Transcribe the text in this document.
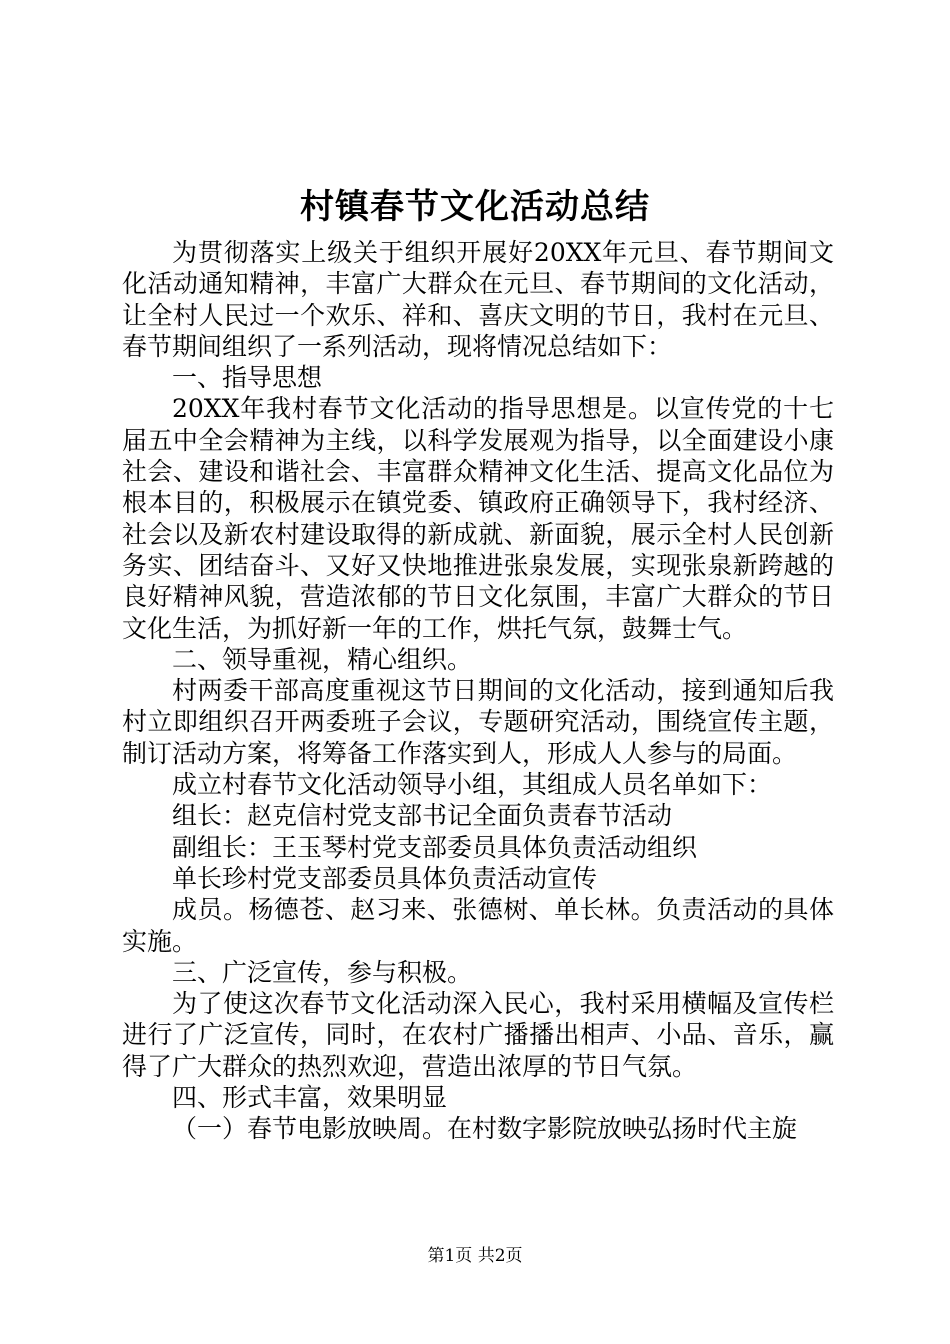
村镇春节文化活动总结

为贯彻落实上级关于组织开展好20XX年元旦、春节期间文化活动通知精神，丰富广大群众在元旦、春节期间的文化活动，让全村人民过一个欢乐、祥和、喜庆文明的节日，我村在元旦、春节期间组织了一系列活动，现将情况总结如下：

一、指导思想

20XX年我村春节文化活动的指导思想是。以宣传党的十七届五中全会精神为主线，以科学发展观为指导，以全面建设小康社会、建设和谐社会、丰富群众精神文化生活、提高文化品位为根本目的，积极展示在镇党委、镇政府正确领导下，我村经济、社会以及新农村建设取得的新成就、新面貌，展示全村人民创新务实、团结奋斗、又好又快地推进张泉发展，实现张泉新跨越的良好精神风貌，营造浓郁的节日文化氛围，丰富广大群众的节日文化生活，为抓好新一年的工作，烘托气氛，鼓舞士气。

二、领导重视，精心组织。

村两委干部高度重视这节日期间的文化活动，接到通知后我村立即组织召开两委班子会议，专题研究活动，围绕宣传主题，制订活动方案，将筹备工作落实到人，形成人人参与的局面。

成立村春节文化活动领导小组，其组成人员名单如下：

组长：赵克信村党支部书记全面负责春节活动

副组长：王玉琴村党支部委员具体负责活动组织

单长珍村党支部委员具体负责活动宣传

成员。杨德苍、赵习来、张德树、单长林。负责活动的具体实施。

三、广泛宣传，参与积极。

为了使这次春节文化活动深入民心，我村采用横幅及宣传栏进行了广泛宣传，同时，在农村广播播出相声、小品、音乐，赢得了广大群众的热烈欢迎，营造出浓厚的节日气氛。

四、形式丰富，效果明显

（一）春节电影放映周。在村数字影院放映弘扬时代主旋

第1页 共2页
